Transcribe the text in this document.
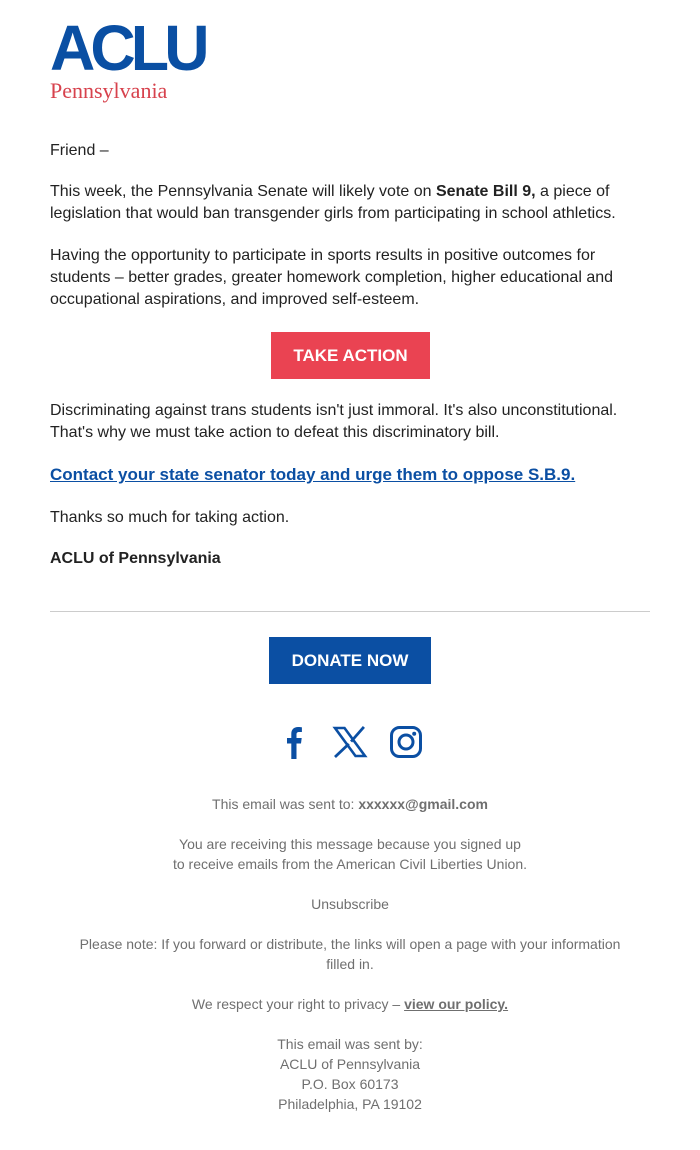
ACLU
Pennsylvania

Friend –

This week, the Pennsylvania Senate will likely vote on Senate Bill 9, a piece of legislation that would ban transgender girls from participating in school athletics.

Having the opportunity to participate in sports results in positive outcomes for students – better grades, greater homework completion, higher educational and occupational aspirations, and improved self-esteem.

TAKE ACTION

Discriminating against trans students isn't just immoral. It's also unconstitutional. That's why we must take action to defeat this discriminatory bill.

Contact your state senator today and urge them to oppose S.B.9.

Thanks so much for taking action.

ACLU of Pennsylvania

DONATE NOW

This email was sent to: xxxxxx@gmail.com

You are receiving this message because you signed up
to receive emails from the American Civil Liberties Union.

Unsubscribe

Please note: If you forward or distribute, the links will open a page with your information filled in.

We respect your right to privacy – view our policy.

This email was sent by:
ACLU of Pennsylvania
P.O. Box 60173
Philadelphia, PA 19102
